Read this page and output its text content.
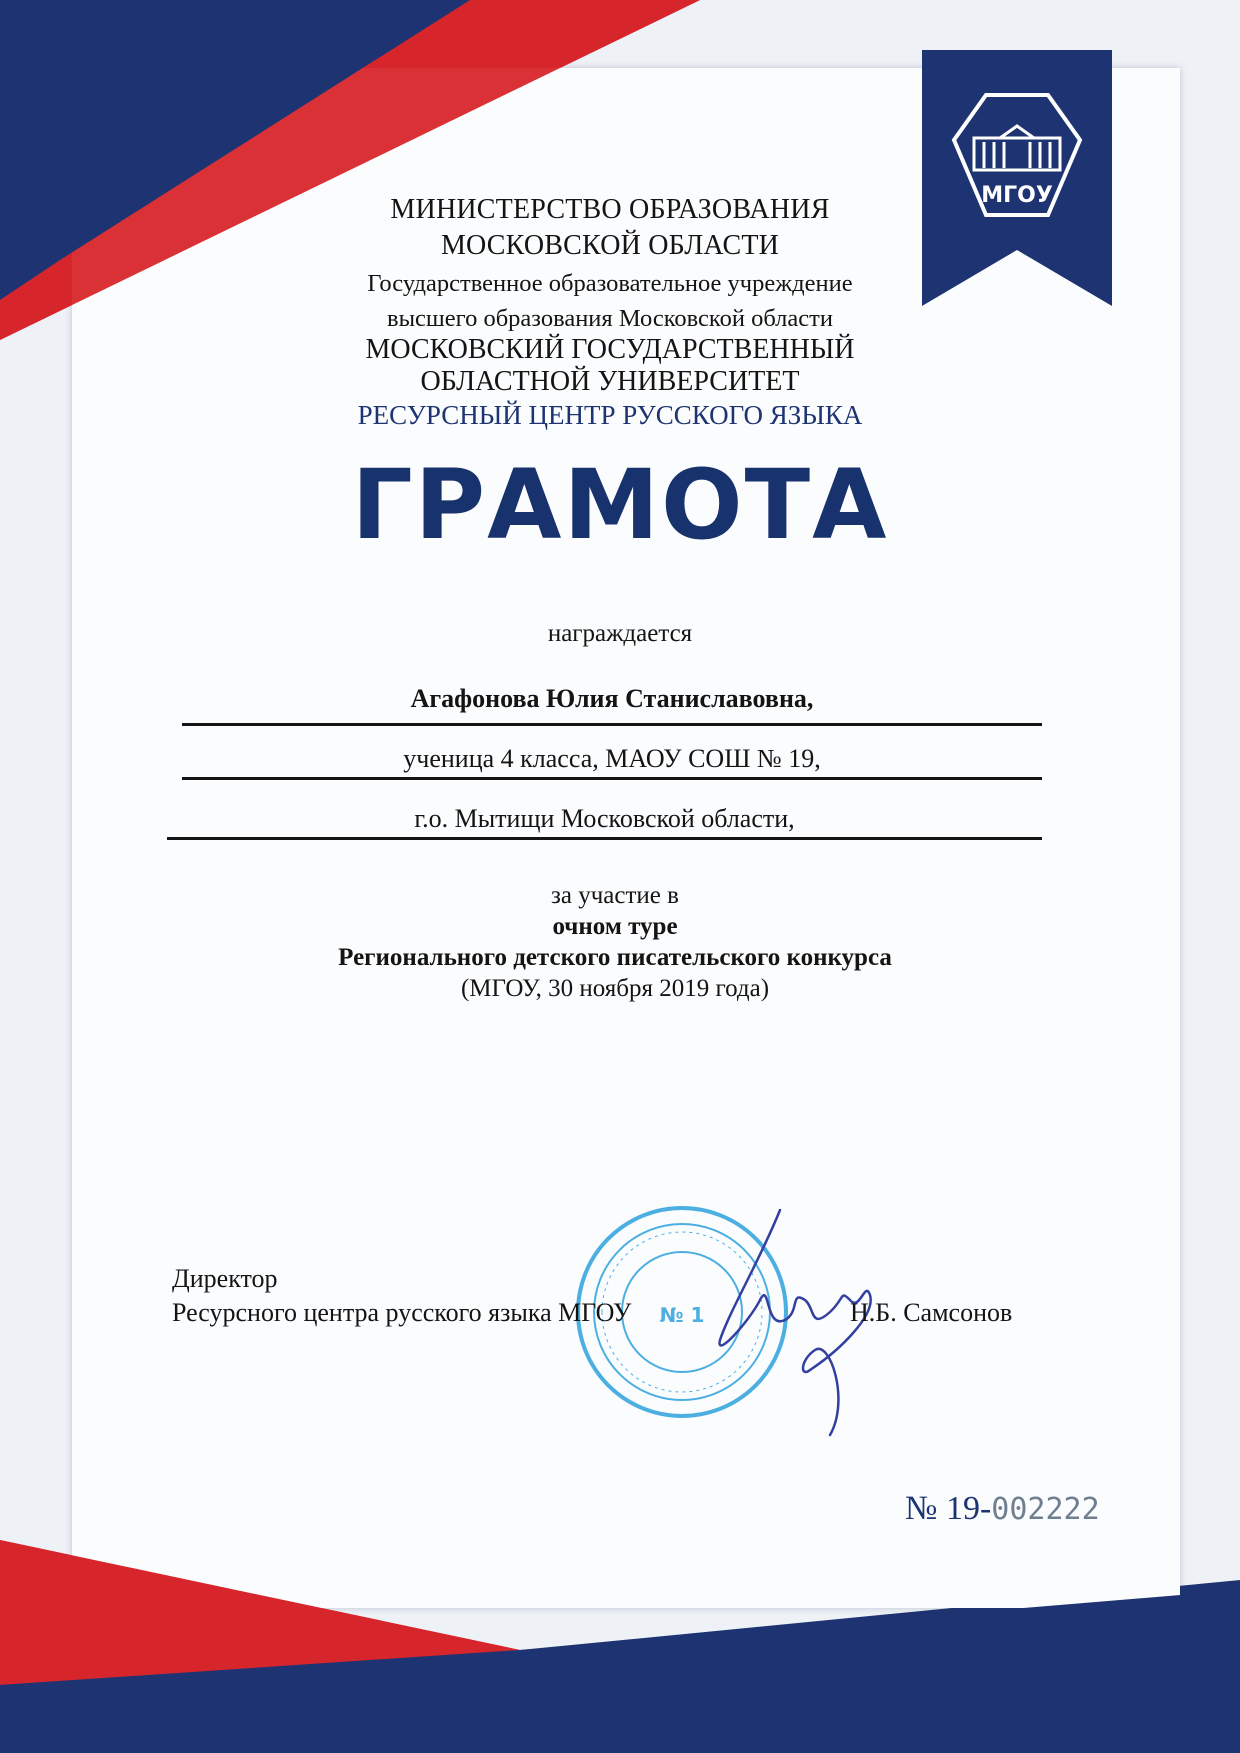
МГОУ
МИНИСТЕРСТВО ОБРАЗОВАНИЯ
МОСКОВСКОЙ ОБЛАСТИ
Государственное образовательное учреждение
высшего образования Московской области
МОСКОВСКИЙ ГОСУДАРСТВЕННЫЙ
ОБЛАСТНОЙ УНИВЕРСИТЕТ
РЕСУРСНЫЙ ЦЕНТР РУССКОГО ЯЗЫКА
ГРАМОТА
награждается
Агафонова Юлия Станиславовна,
ученица 4 класса, МАОУ СОШ № 19,
г.о. Мытищи Московской области,
за участие в
очном туре
Регионального детского писательского конкурса
(МГОУ, 30 ноября 2019 года)
№ 1
Директор
Ресурсного центра русского языка МГОУ	Н.Б. Самсонов
№ 19-002222
